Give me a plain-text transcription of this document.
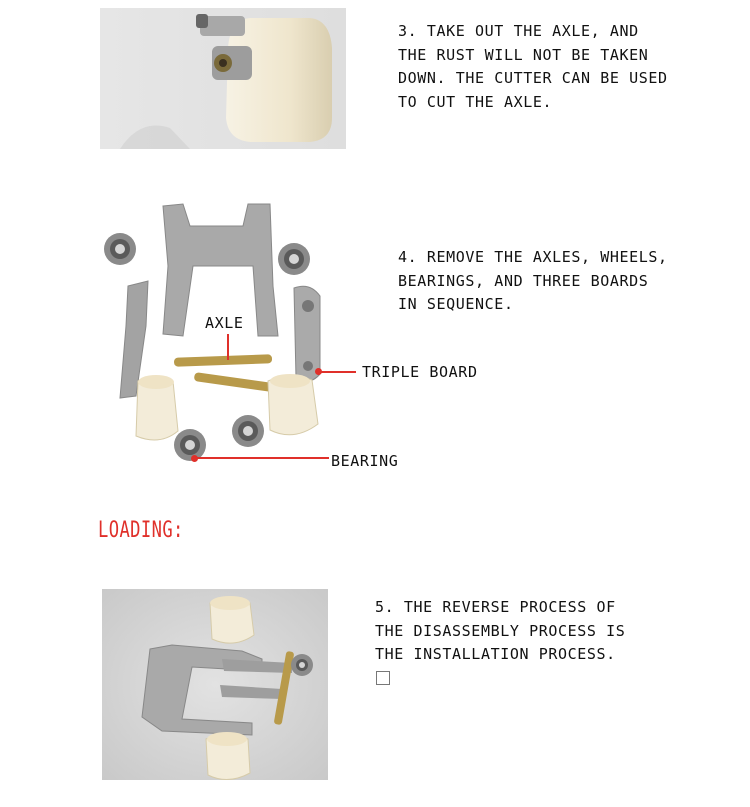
3. TAKE OUT THE AXLE, AND
THE RUST WILL NOT BE TAKEN
DOWN. THE CUTTER CAN BE USED
TO CUT THE AXLE.
4. REMOVE THE AXLES, WHEELS,
BEARINGS, AND THREE BOARDS
IN SEQUENCE.
AXLE
TRIPLE BOARD
BEARING
LOADING:
5. THE REVERSE PROCESS OF
THE DISASSEMBLY PROCESS IS
THE INSTALLATION PROCESS.
